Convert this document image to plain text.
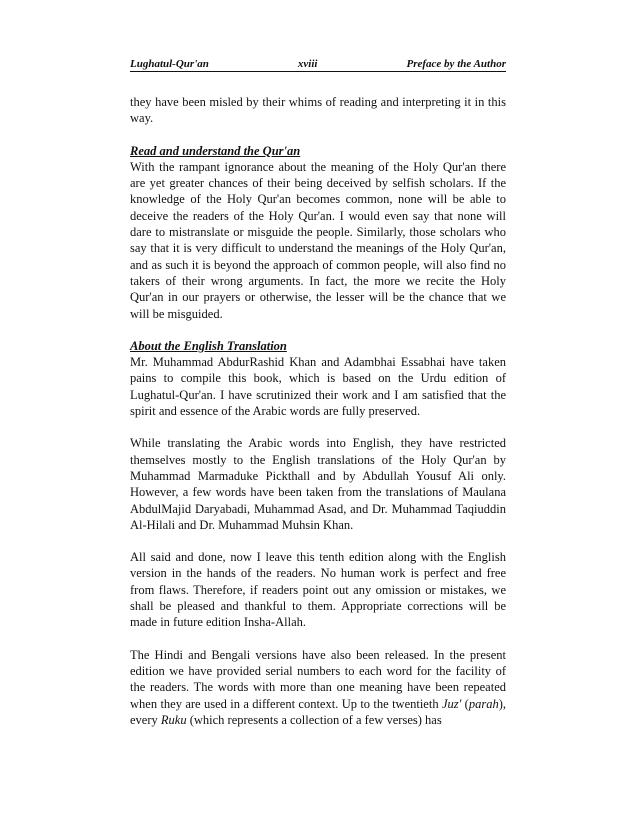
Lughatul-Qur'an	xviii	Preface by the Author

they have been misled by their whims of reading and interpreting it in this way.

Read and understand the Qur'an

With the rampant ignorance about the meaning of the Holy Qur'an there are yet greater chances of their being deceived by selfish scholars. If the knowledge of the Holy Qur'an becomes common, none will be able to deceive the readers of the Holy Qur'an. I would even say that none will dare to mistranslate or misguide the people. Similarly, those scholars who say that it is very difficult to understand the meanings of the Holy Qur'an, and as such it is beyond the approach of common people, will also find no takers of their wrong arguments. In fact, the more we recite the Holy Qur'an in our prayers or otherwise, the lesser will be the chance that we will be misguided.

About the English Translation

Mr. Muhammad AbdurRashid Khan and Adambhai Essabhai have taken pains to compile this book, which is based on the Urdu edition of Lughatul-Qur'an. I have scrutinized their work and I am satisfied that the spirit and essence of the Arabic words are fully preserved.

While translating the Arabic words into English, they have restricted themselves mostly to the English translations of the Holy Qur'an by Muhammad Marmaduke Pickthall and by Abdullah Yousuf Ali only. However, a few words have been taken from the translations of Maulana AbdulMajid Daryabadi, Muhammad Asad, and Dr. Muhammad Taqiuddin Al-Hilali and Dr. Muhammad Muhsin Khan.

All said and done, now I leave this tenth edition along with the English version in the hands of the readers. No human work is perfect and free from flaws. Therefore, if readers point out any omission or mistakes, we shall be pleased and thankful to them. Appropriate corrections will be made in future edition Insha-Allah.

The Hindi and Bengali versions have also been released. In the present edition we have provided serial numbers to each word for the facility of the readers. The words with more than one meaning have been repeated when they are used in a different context. Up to the twentieth Juz' (parah), every Ruku (which represents a collection of a few verses) has
